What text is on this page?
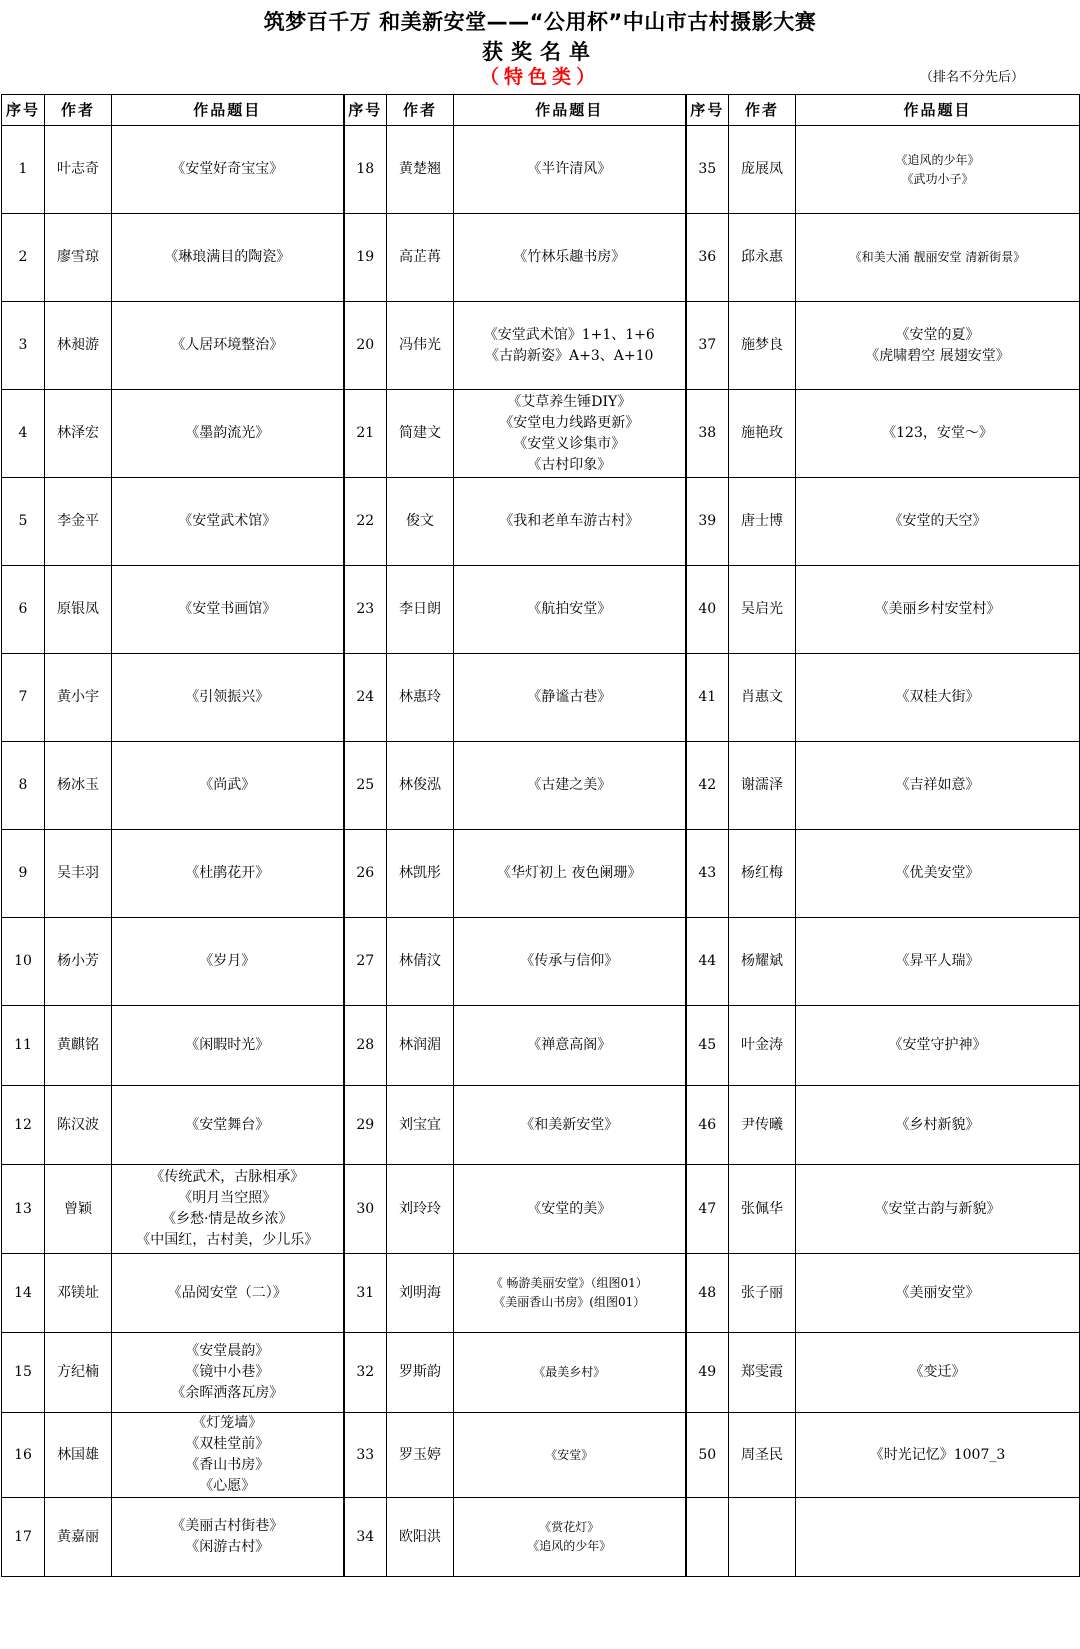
筑梦百千万 和美新安堂——“公用杯”中山市古村摄影大赛
获奖名单
（特色类）	（排名不分先后）
序号	作者	作品题目	序号	作者	作品题目	序号	作者	作品题目
1	叶志奇	《安堂好奇宝宝》	18	黄楚翘	《半许清风》	35	庞展凤	《追风的少年》
《武功小子》

2	廖雪琼	《琳琅满目的陶瓷》	19	高芷苒	《竹林乐趣书房》	36	邱永惠	《和美大涌 靓丽安堂 清新街景》

3	林昶游	《人居环境整治》	20	冯伟光	《安堂武术馆》1+1、1+6
《古韵新姿》A+3、A+10	37	施梦良	《安堂的夏》
《虎啸碧空 展翅安堂》

4	林泽宏	《墨韵流光》	21	简建文	《艾草养生锤DIY》
《安堂电力线路更新》
《安堂义诊集市》
《古村印象》	38	施艳玫	《123，安堂～》

5	李金平	《安堂武术馆》	22	俊文	《我和老单车游古村》	39	唐士博	《安堂的天空》

6	原银凤	《安堂书画馆》	23	李日朗	《航拍安堂》	40	吴启光	《美丽乡村安堂村》

7	黄小宇	《引领振兴》	24	林惠玲	《静谧古巷》	41	肖惠文	《双桂大街》

8	杨冰玉	《尚武》	25	林俊泓	《古建之美》	42	谢濡泽	《吉祥如意》

9	吴丰羽	《杜鹃花开》	26	林凯彤	《华灯初上 夜色阑珊》	43	杨红梅	《优美安堂》

10	杨小芳	《岁月》	27	林倩汶	《传承与信仰》	44	杨耀斌	《昇平人瑞》

11	黄麒铭	《闲暇时光》	28	林润湄	《禅意高阁》	45	叶金涛	《安堂守护神》

12	陈汉波	《安堂舞台》	29	刘宝宜	《和美新安堂》	46	尹传曦	《乡村新貌》

13	曾颖	《传统武术，古脉相承》
《明月当空照》
《乡愁·情是故乡浓》
《中国红，古村美，少儿乐》	30	刘玲玲	《安堂的美》	47	张佩华	《安堂古韵与新貌》

14	邓镁址	《品阅安堂（二）》	31	刘明海	《 畅游美丽安堂》（组图01）
《美丽香山书房》(组图01）	48	张子丽	《美丽安堂》

15	方纪楠	《安堂晨韵》
《镜中小巷》
《余晖洒落瓦房》	32	罗斯韵	《最美乡村》	49	郑雯霞	《变迁》

16	林国雄	《灯笼墙》
《双桂堂前》
《香山书房》
《心愿》	33	罗玉婷	《安堂》	50	周圣民	《时光记忆》1007_3

17	黄嘉丽	《美丽古村街巷》
《闲游古村》	34	欧阳洪	《赏花灯》
《追风的少年》			
